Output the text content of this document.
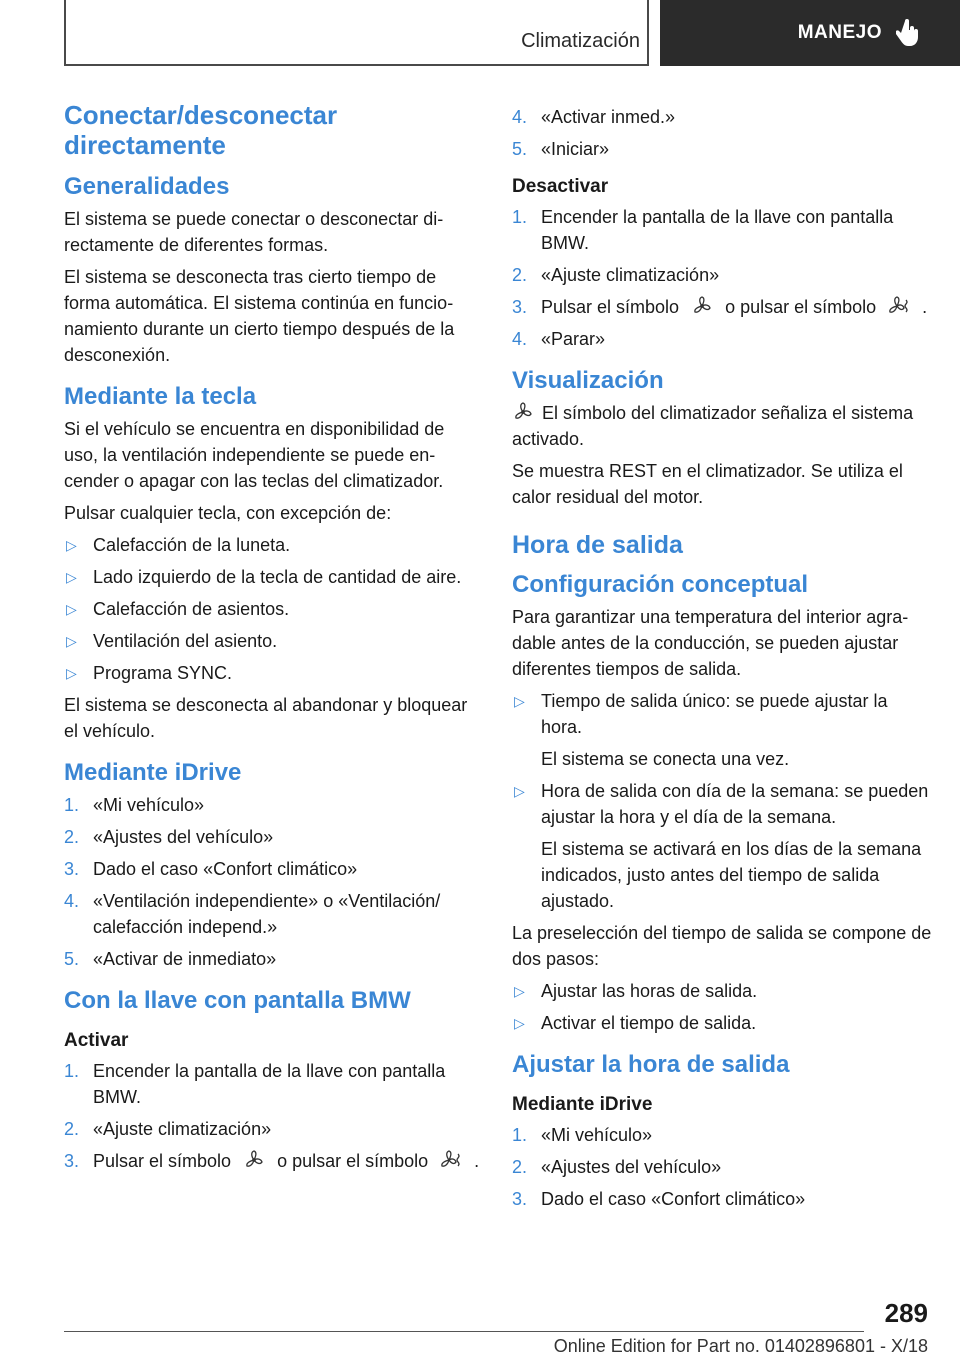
Climatización	MANEJO
Conectar/desconectar directamente
Generalidades

El sistema se puede conectar o desconectar directamente de diferentes formas.

El sistema se desconecta tras cierto tiempo de forma automática. El sistema continúa en funcionamiento durante un cierto tiempo después de la desconexión.

Mediante la tecla

Si el vehículo se encuentra en disponibilidad de uso, la ventilación independiente se puede encender o apagar con las teclas del climatizador.

Pulsar cualquier tecla, con excepción de:

▷ Calefacción de la luneta.
▷ Lado izquierdo de la tecla de cantidad de aire.
▷ Calefacción de asientos.
▷ Ventilación del asiento.
▷ Programa SYNC.

El sistema se desconecta al abandonar y bloquear el vehículo.

Mediante iDrive
1. «Mi vehículo»
2. «Ajustes del vehículo»
3. Dado el caso «Confort climático»
4. «Ventilación independiente» o «Ventilación/ calefacción independ.»
5. «Activar de inmediato»
Con la llave con pantalla BMW
Activar
1. Encender la pantalla de la llave con pantalla BMW.
2. «Ajuste climatización»
3. Pulsar el símbolo	o pulsar el símbolo	.
4. «Activar inmed.»
5. «Iniciar»
Desactivar
1. Encender la pantalla de la llave con pantalla BMW.
2. «Ajuste climatización»
3. Pulsar el símbolo	o pulsar el símbolo	.
4. «Parar»
Visualización

El símbolo del climatizador señaliza el sistema activado.

Se muestra REST en el climatizador. Se utiliza el calor residual del motor.

Hora de salida
Configuración conceptual

Para garantizar una temperatura del interior agradable antes de la conducción, se pueden ajustar diferentes tiempos de salida.

▷ Tiempo de salida único: se puede ajustar la hora.
El sistema se conecta una vez.
▷ Hora de salida con día de la semana: se pueden ajustar la hora y el día de la semana.
El sistema se activará en los días de la semana indicados, justo antes del tiempo de salida ajustado.

La preselección del tiempo de salida se compone de dos pasos:

▷ Ajustar las horas de salida.
▷ Activar el tiempo de salida.
Ajustar la hora de salida
Mediante iDrive
1. «Mi vehículo»
2. «Ajustes del vehículo»
3. Dado el caso «Confort climático»
289
Online Edition for Part no. 01402896801 - X/18
